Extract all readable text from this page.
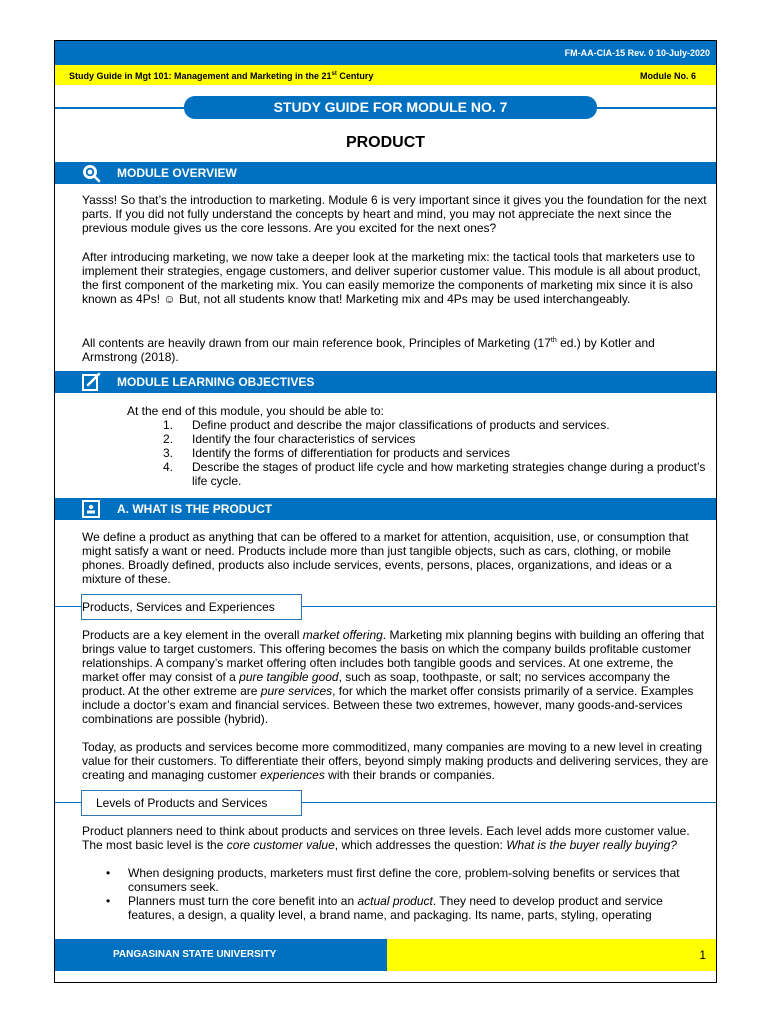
FM-AA-CIA-15 Rev. 0 10-July-2020
Study Guide in Mgt 101: Management and Marketing in the 21st Century	Module No. 6
STUDY GUIDE FOR MODULE NO. 7
PRODUCT
MODULE OVERVIEW

Yasss! So that’s the introduction to marketing. Module 6 is very important since it gives you the foundation for the next parts. If you did not fully understand the concepts by heart and mind, you may not appreciate the next since the previous module gives us the core lessons. Are you excited for the next ones?

After introducing marketing, we now take a deeper look at the marketing mix: the tactical tools that marketers use to implement their strategies, engage customers, and deliver superior customer value. This module is all about product, the first component of the marketing mix. You can easily memorize the components of marketing mix since it is also known as 4Ps! ☺ But, not all students know that! Marketing mix and 4Ps may be used interchangeably.

All contents are heavily drawn from our main reference book, Principles of Marketing (17th ed.) by Kotler and Armstrong (2018).

MODULE LEARNING OBJECTIVES
At the end of this module, you should be able to:
1. Define product and describe the major classifications of products and services.
2. Identify the four characteristics of services
3. Identify the forms of differentiation for products and services
4. Describe the stages of product life cycle and how marketing strategies change during a product’s life cycle.
A. WHAT IS THE PRODUCT

We define a product as anything that can be offered to a market for attention, acquisition, use, or consumption that might satisfy a want or need. Products include more than just tangible objects, such as cars, clothing, or mobile phones. Broadly defined, products also include services, events, persons, places, organizations, and ideas or a mixture of these.

Products, Services and Experiences

Products are a key element in the overall market offering. Marketing mix planning begins with building an offering that brings value to target customers. This offering becomes the basis on which the company builds profitable customer relationships. A company’s market offering often includes both tangible goods and services. At one extreme, the market offer may consist of a pure tangible good, such as soap, toothpaste, or salt; no services accompany the product. At the other extreme are pure services, for which the market offer consists primarily of a service. Examples include a doctor’s exam and financial services. Between these two extremes, however, many goods-and-services combinations are possible (hybrid).

Today, as products and services become more commoditized, many companies are moving to a new level in creating value for their customers. To differentiate their offers, beyond simply making products and delivering services, they are creating and managing customer experiences with their brands or companies.

Levels of Products and Services

Product planners need to think about products and services on three levels. Each level adds more customer value. The most basic level is the core customer value, which addresses the question: What is the buyer really buying?

• When designing products, marketers must first define the core, problem-solving benefits or services that consumers seek.
• Planners must turn the core benefit into an actual product. They need to develop product and service features, a design, a quality level, a brand name, and packaging. Its name, parts, styling, operating
PANGASINAN STATE UNIVERSITY	1
